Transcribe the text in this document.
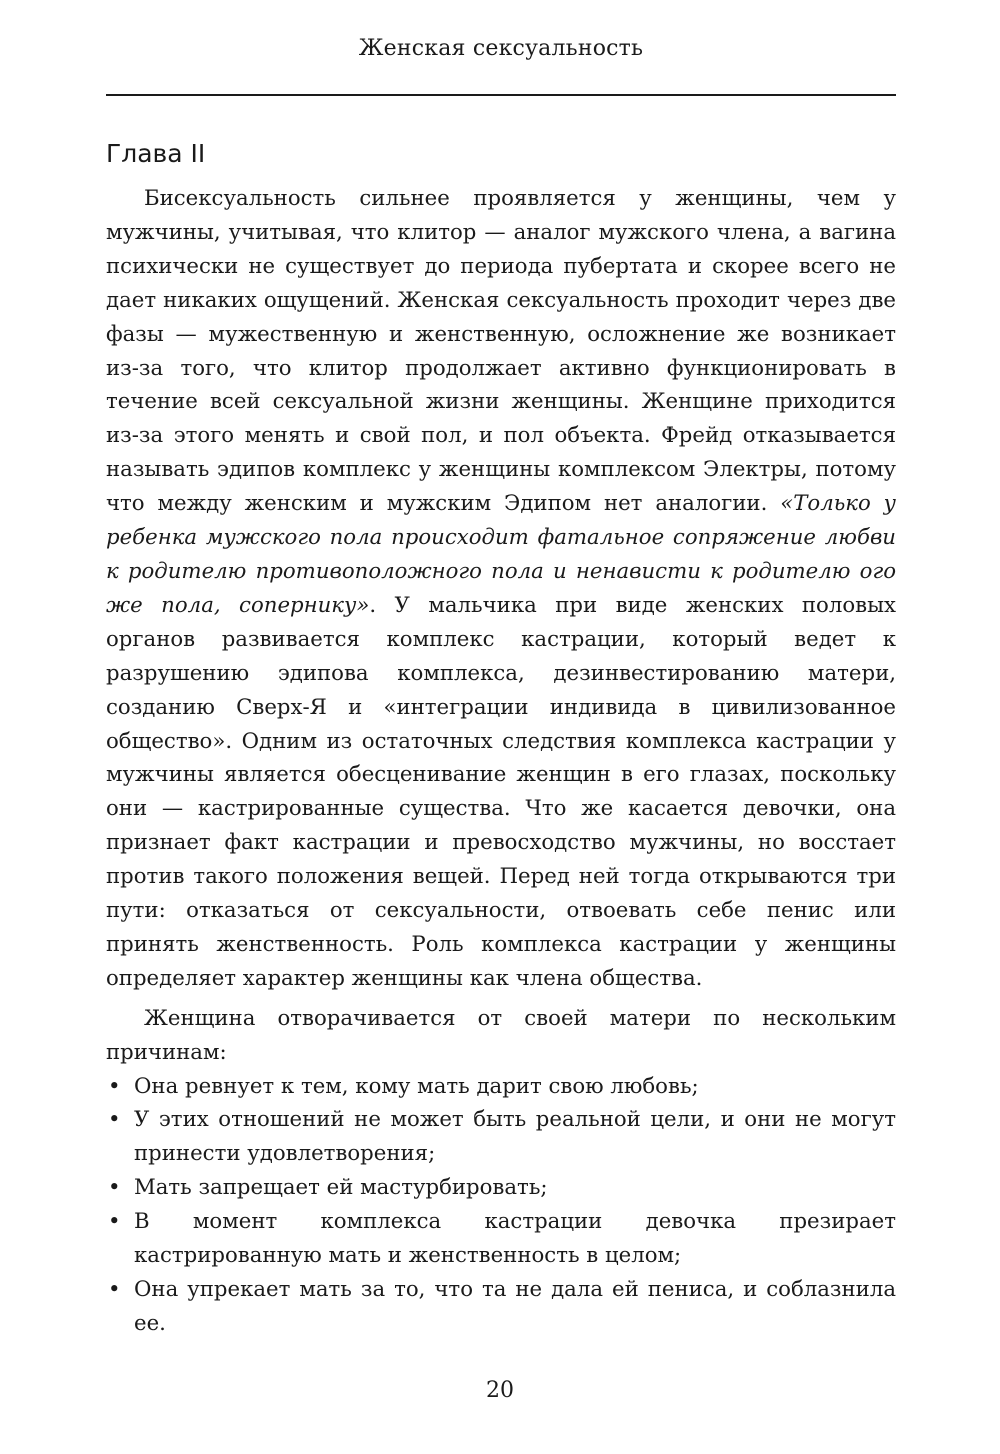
Женская сексуальность
Глава II

Бисексуальность сильнее проявляется у женщины, чем у мужчины, учитывая, что клитор — аналог мужского члена, а вагина психически не существует до периода пубертата и скорее всего не дает никаких ощущений. Женская сексуальность проходит через две фазы — мужественную и женственную, осложнение же возникает из-за того, что клитор продолжает активно функционировать в течение всей сексуальной жизни женщины. Женщине приходится из-за этого менять и свой пол, и пол объекта. Фрейд отказывается называть эдипов комплекс у женщины комплексом Электры, потому что между женским и мужским Эдипом нет аналогии. «Только у ребенка мужского пола происходит фатальное сопряжение любви к родителю противоположного пола и ненависти к родителю ого же пола, сопернику». У мальчика при виде женских половых органов развивается комплекс кастрации, который ведет к разрушению эдипова комплекса, дезинвестированию матери, созданию Сверх-Я и «интеграции индивида в цивилизованное общество». Одним из остаточных следствия комплекса кастрации у мужчины является обесценивание женщин в его глазах, поскольку они — кастрированные существа. Что же касается девочки, она признает факт кастрации и превосходство мужчины, но восстает против такого положения вещей. Перед ней тогда открываются три пути: отказаться от сексуальности, отвоевать себе пенис или принять женственность. Роль комплекса кастрации у женщины определяет характер женщины как члена общества.

Женщина отворачивается от своей матери по нескольким причинам:

• Она ревнует к тем, кому мать дарит свою любовь;
• У этих отношений не может быть реальной цели, и они не могут принести удовлетворения;
• Мать запрещает ей мастурбировать;
• В момент комплекса кастрации девочка презирает кастрированную мать и женственность в целом;
• Она упрекает мать за то, что та не дала ей пениса, и соблазнила ее.
20
